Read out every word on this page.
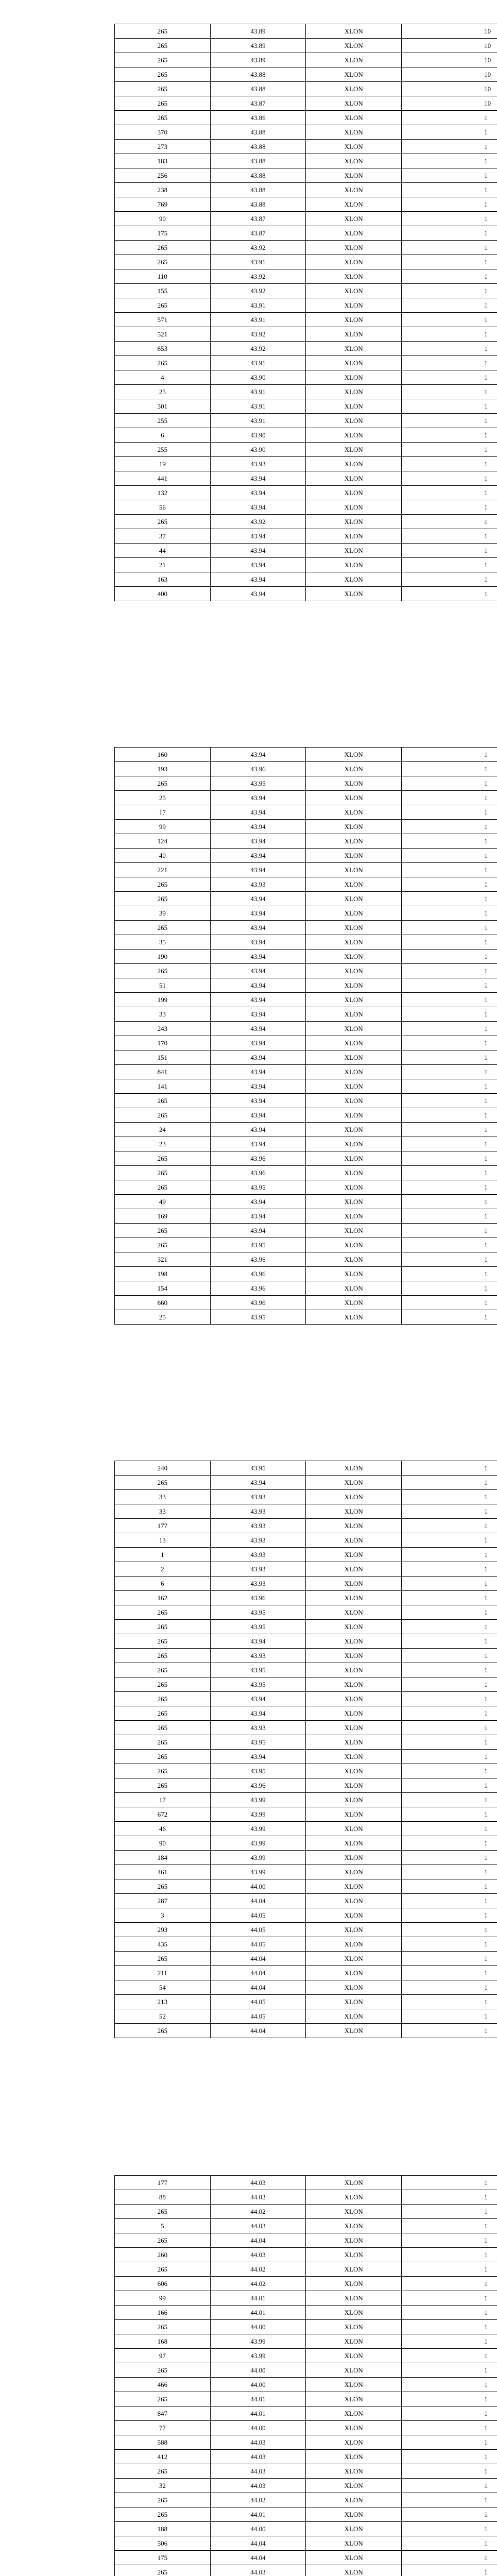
265	43.89	XLON	10
265	43.89	XLON	10
265	43.89	XLON	10
265	43.88	XLON	10
265	43.88	XLON	10
265	43.87	XLON	10
265	43.86	XLON	1
370	43.88	XLON	1
273	43.88	XLON	1
183	43.88	XLON	1
256	43.88	XLON	1
238	43.88	XLON	1
769	43.88	XLON	1
90	43.87	XLON	1
175	43.87	XLON	1
265	43.92	XLON	1
265	43.91	XLON	1
110	43.92	XLON	1
155	43.92	XLON	1
265	43.91	XLON	1
571	43.91	XLON	1
521	43.92	XLON	1
653	43.92	XLON	1
265	43.91	XLON	1
4	43.90	XLON	1
25	43.91	XLON	1
301	43.91	XLON	1
255	43.91	XLON	1
6	43.90	XLON	1
255	43.90	XLON	1
19	43.93	XLON	1
441	43.94	XLON	1
132	43.94	XLON	1
56	43.94	XLON	1
265	43.92	XLON	1
37	43.94	XLON	1
44	43.94	XLON	1
21	43.94	XLON	1
163	43.94	XLON	1
400	43.94	XLON	1
160	43.94	XLON	1
193	43.96	XLON	1
265	43.95	XLON	1
25	43.94	XLON	1
17	43.94	XLON	1
99	43.94	XLON	1
124	43.94	XLON	1
40	43.94	XLON	1
221	43.94	XLON	1
265	43.93	XLON	1
265	43.94	XLON	1
39	43.94	XLON	1
265	43.94	XLON	1
35	43.94	XLON	1
190	43.94	XLON	1
265	43.94	XLON	1
51	43.94	XLON	1
199	43.94	XLON	1
33	43.94	XLON	1
243	43.94	XLON	1
170	43.94	XLON	1
151	43.94	XLON	1
841	43.94	XLON	1
141	43.94	XLON	1
265	43.94	XLON	1
265	43.94	XLON	1
24	43.94	XLON	1
23	43.94	XLON	1
265	43.96	XLON	1
265	43.96	XLON	1
265	43.95	XLON	1
49	43.94	XLON	1
169	43.94	XLON	1
265	43.94	XLON	1
265	43.95	XLON	1
321	43.96	XLON	1
198	43.96	XLON	1
154	43.96	XLON	1
660	43.96	XLON	1
25	43.95	XLON	1
240	43.95	XLON	1
265	43.94	XLON	1
33	43.93	XLON	1
33	43.93	XLON	1
177	43.93	XLON	1
13	43.93	XLON	1
1	43.93	XLON	1
2	43.93	XLON	1
6	43.93	XLON	1
162	43.96	XLON	1
265	43.95	XLON	1
265	43.95	XLON	1
265	43.94	XLON	1
265	43.93	XLON	1
265	43.95	XLON	1
265	43.95	XLON	1
265	43.94	XLON	1
265	43.94	XLON	1
265	43.93	XLON	1
265	43.95	XLON	1
265	43.94	XLON	1
265	43.95	XLON	1
265	43.96	XLON	1
17	43.99	XLON	1
672	43.99	XLON	1
46	43.99	XLON	1
90	43.99	XLON	1
184	43.99	XLON	1
461	43.99	XLON	1
265	44.00	XLON	1
287	44.04	XLON	1
3	44.05	XLON	1
293	44.05	XLON	1
435	44.05	XLON	1
265	44.04	XLON	1
211	44.04	XLON	1
54	44.04	XLON	1
213	44.05	XLON	1
52	44.05	XLON	1
265	44.04	XLON	1
177	44.03	XLON	1
88	44.03	XLON	1
265	44.02	XLON	1
5	44.03	XLON	1
265	44.04	XLON	1
260	44.03	XLON	1
265	44.02	XLON	1
606	44.02	XLON	1
99	44.01	XLON	1
166	44.01	XLON	1
265	44.00	XLON	1
168	43.99	XLON	1
97	43.99	XLON	1
265	44.00	XLON	1
466	44.00	XLON	1
265	44.01	XLON	1
847	44.01	XLON	1
77	44.00	XLON	1
588	44.03	XLON	1
412	44.03	XLON	1
265	44.03	XLON	1
32	44.03	XLON	1
265	44.02	XLON	1
265	44.01	XLON	1
188	44.00	XLON	1
506	44.04	XLON	1
175	44.04	XLON	1
265	44.03	XLON	1
